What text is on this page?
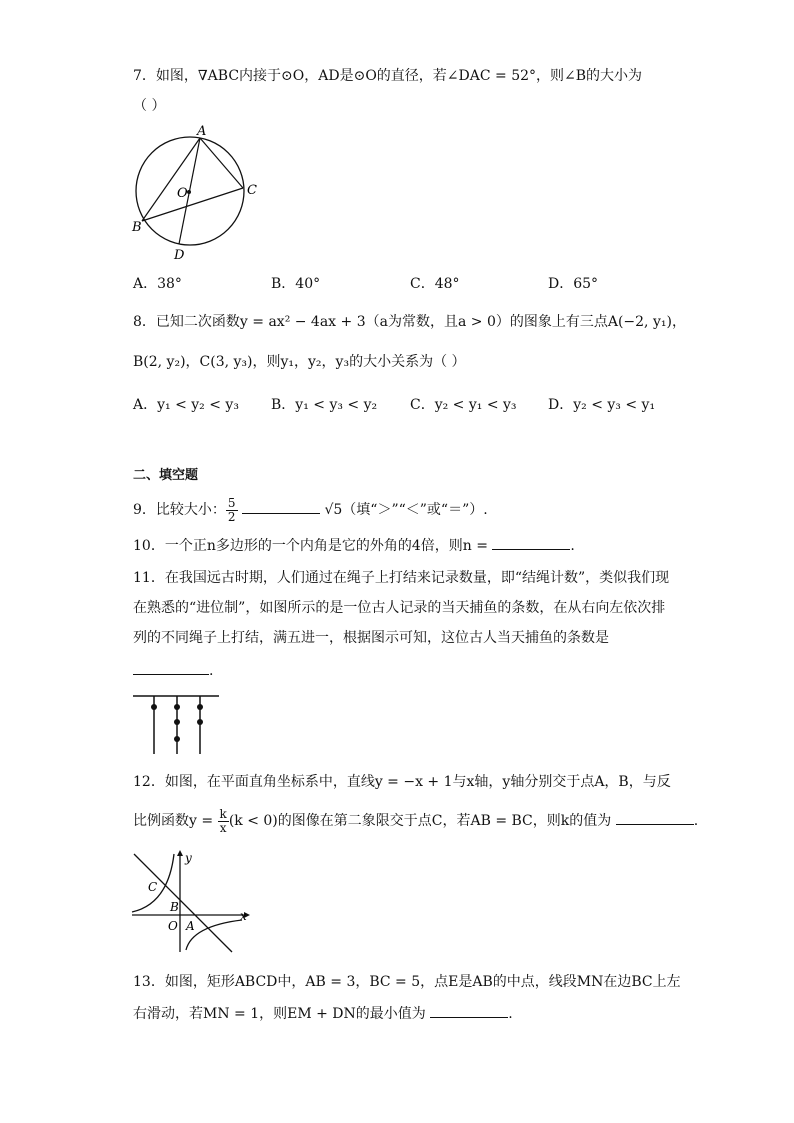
7．如图，∇ABC内接于⊙O，AD是⊙O的直径，若∠DAC = 52°，则∠B的大小为
（ ）
A
C
B
D
O
A．38°	B．40°	C．48°	D．65°
8．已知二次函数y = ax² − 4ax + 3（a为常数，且a > 0）的图象上有三点A(−2, y₁)，
B(2, y₂)，C(3, y₃)，则y₁，y₂，y₃的大小关系为（ ）
A．y₁ < y₂ < y₃ B．y₁ < y₃ < y₂ C．y₂ < y₁ < y₃ D．y₂ < y₃ < y₁
二、填空题
9．比较大小： $\frac{5}{2}$	√5（填“＞”“＜”或“＝”）.
10．一个正n多边形的一个内角是它的外角的4倍，则n =	.
11．在我国远古时期，人们通过在绳子上打结来记录数量，即“结绳计数”，类似我们现
在熟悉的“进位制”，如图所示的是一位古人记录的当天捕鱼的条数，在从右向左依次排
列的不同绳子上打结，满五进一，根据图示可知，这位古人当天捕鱼的条数是
.
12．如图，在平面直角坐标系中，直线y = −x + 1与x轴，y轴分别交于点A，B，与反
比例函数$y = \frac{k}{x} (k < 0)$的图像在第二象限交于点C，若AB = BC，则k的值为	.
y
x
C
B
O A
13．如图，矩形ABCD中，AB = 3，BC = 5，点E是AB的中点，线段MN在边BC上左
右滑动，若MN = 1，则EM + DN的最小值为	.
